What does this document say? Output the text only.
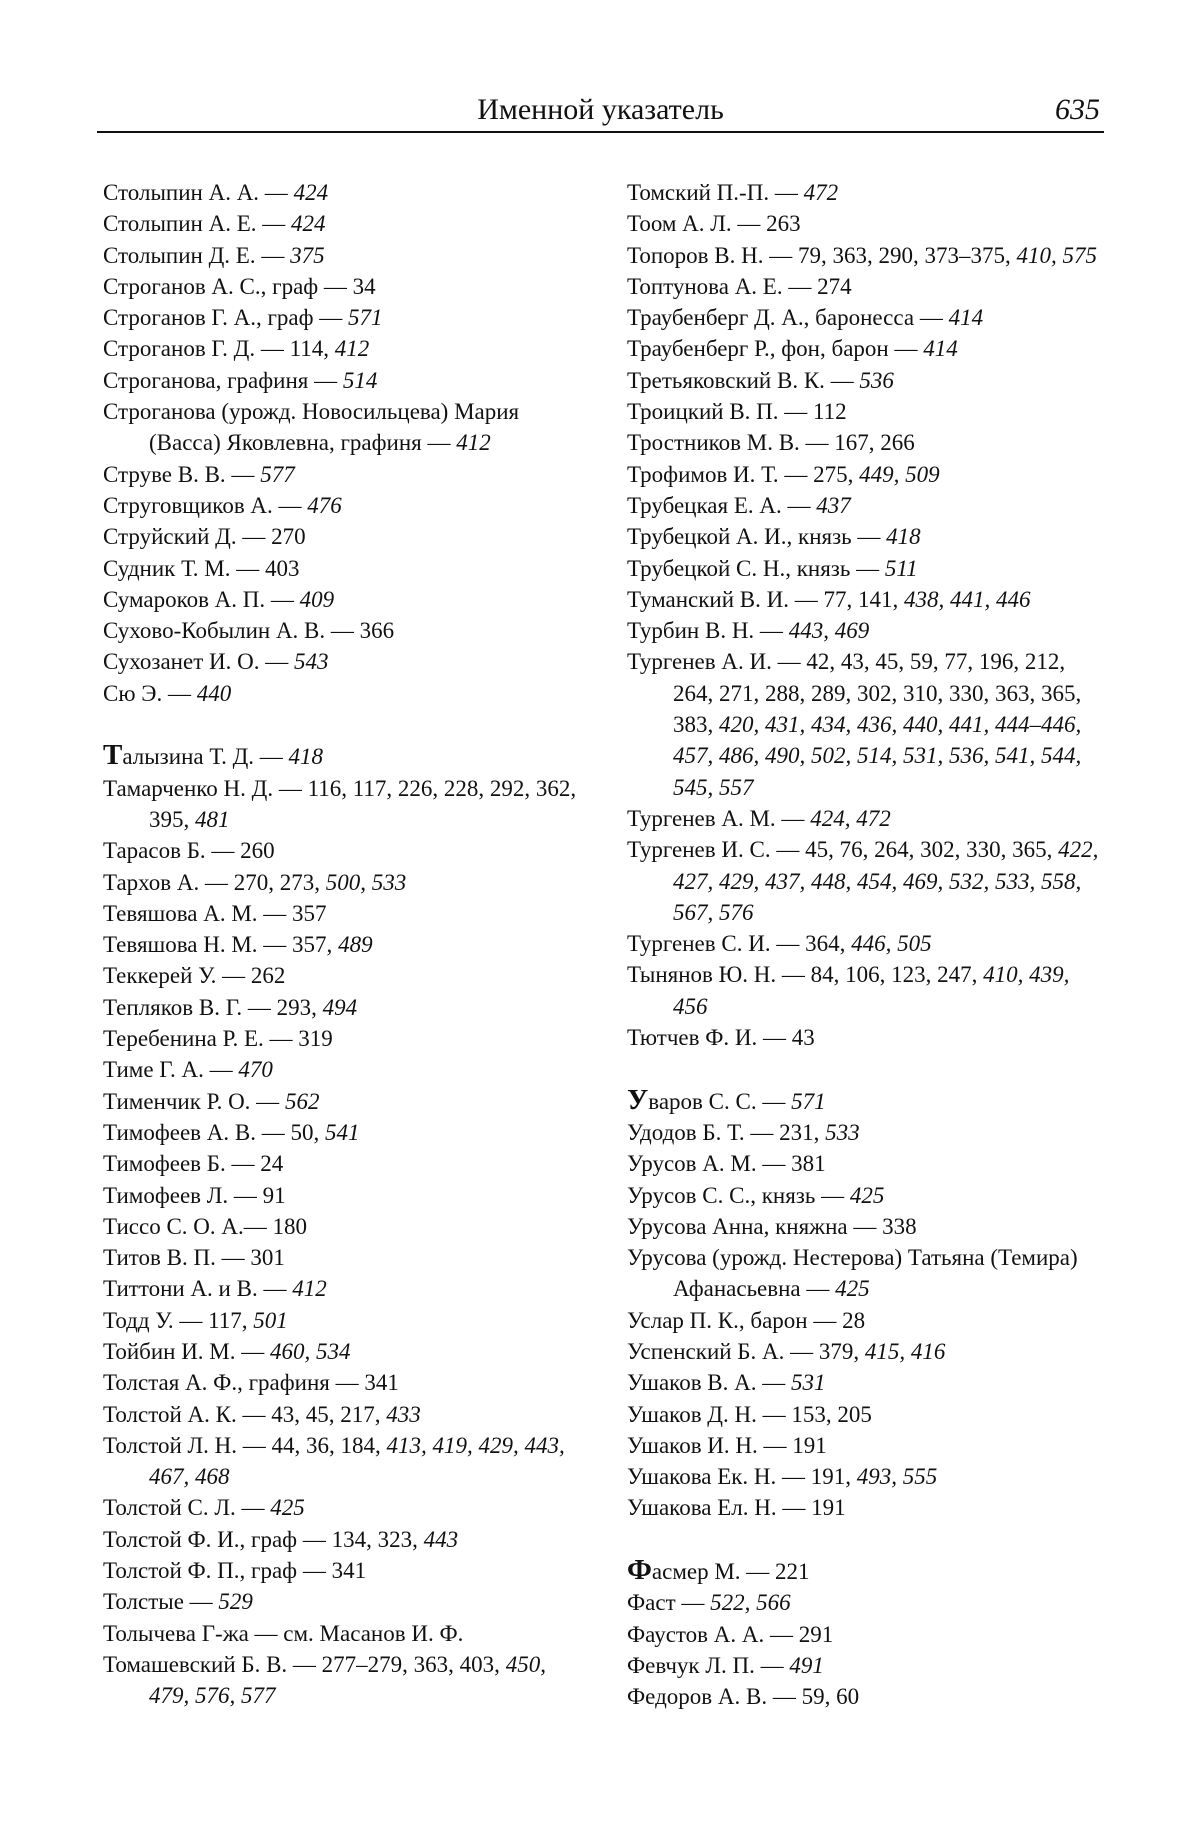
Именной указатель	635
Столыпин А. А. — 424
Столыпин А. Е. — 424
Столыпин Д. Е. — 375
Строганов А. С., граф — 34
Строганов Г. А., граф — 571
Строганов Г. Д. — 114, 412
Строганова, графиня — 514
Строганова (урожд. Новосильцева) Мария (Васса) Яковлевна, графиня — 412
Струве В. В. — 577
Струговщиков А. — 476
Струйский Д. — 270
Судник Т. М. — 403
Сумароков А. П. — 409
Сухово-Кобылин А. В. — 366
Сухозанет И. О. — 543
Сю Э. — 440
Талызина Т. Д. — 418
Тамарченко Н. Д. — 116, 117, 226, 228, 292, 362, 395, 481
Тарасов Б. — 260
Тархов А. — 270, 273, 500, 533
Тевяшова А. М. — 357
Тевяшова Н. М. — 357, 489
Теккерей У. — 262
Тепляков В. Г. — 293, 494
Теребенина Р. Е. — 319
Тиме Г. А. — 470
Тименчик Р. О. — 562
Тимофеев А. В. — 50, 541
Тимофеев Б. — 24
Тимофеев Л. — 91
Тиссо С. О. А.— 180
Титов В. П. — 301
Титтони А. и В. — 412
Тодд У. — 117, 501
Тойбин И. М. — 460, 534
Толстая А. Ф., графиня — 341
Толстой А. К. — 43, 45, 217, 433
Толстой Л. Н. — 44, 36, 184, 413, 419, 429, 443, 467, 468
Толстой С. Л. — 425
Толстой Ф. И., граф — 134, 323, 443
Толстой Ф. П., граф — 341
Толстые — 529
Толычева Г-жа — см. Масанов И. Ф.
Томашевский Б. В. — 277–279, 363, 403, 450, 479, 576, 577
Томский П.-П. — 472
Тоом А. Л. — 263
Топоров В. Н. — 79, 363, 290, 373–375, 410, 575
Топтунова А. Е. — 274
Траубенберг Д. А., баронесса — 414
Траубенберг Р., фон, барон — 414
Третьяковский В. К. — 536
Троицкий В. П. — 112
Тростников М. В. — 167, 266
Трофимов И. Т. — 275, 449, 509
Трубецкая Е. А. — 437
Трубецкой А. И., князь — 418
Трубецкой С. Н., князь — 511
Туманский В. И. — 77, 141, 438, 441, 446
Турбин В. Н. — 443, 469
Тургенев А. И. — 42, 43, 45, 59, 77, 196, 212, 264, 271, 288, 289, 302, 310, 330, 363, 365, 383, 420, 431, 434, 436, 440, 441, 444–446, 457, 486, 490, 502, 514, 531, 536, 541, 544, 545, 557
Тургенев А. М. — 424, 472
Тургенев И. С. — 45, 76, 264, 302, 330, 365, 422, 427, 429, 437, 448, 454, 469, 532, 533, 558, 567, 576
Тургенев С. И. — 364, 446, 505
Тынянов Ю. Н. — 84, 106, 123, 247, 410, 439, 456
Тютчев Ф. И. — 43
Уваров С. С. — 571
Удодов Б. Т. — 231, 533
Урусов А. М. — 381
Урусов С. С., князь — 425
Урусова Анна, княжна — 338
Урусова (урожд. Нестерова) Татьяна (Темира) Афанасьевна — 425
Услар П. К., барон — 28
Успенский Б. А. — 379, 415, 416
Ушаков В. А. — 531
Ушаков Д. Н. — 153, 205
Ушаков И. Н. — 191
Ушакова Ек. Н. — 191, 493, 555
Ушакова Ел. Н. — 191
Фасмер М. — 221
Фаст — 522, 566
Фаустов А. А. — 291
Февчук Л. П. — 491
Федоров А. В. — 59, 60
